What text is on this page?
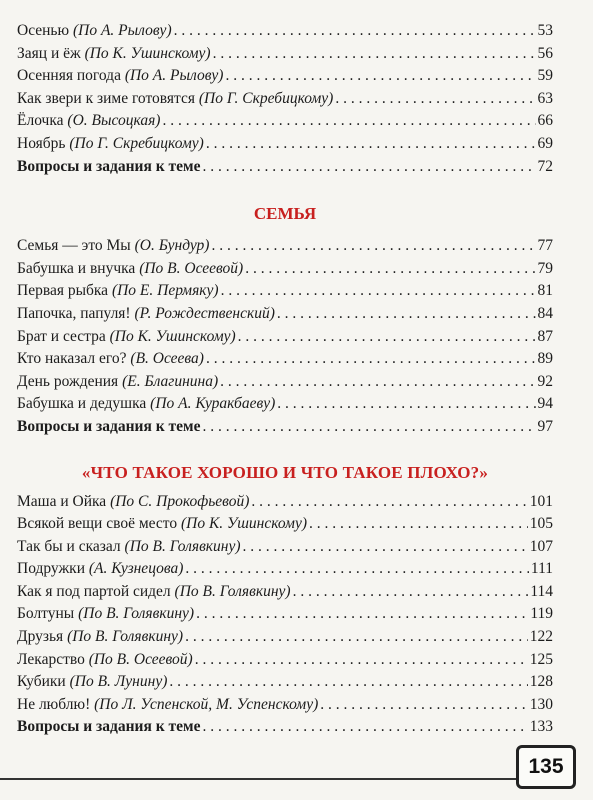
Осенью (По А. Рылову) . . .	53
Заяц и ёж (По К. Ушинскому) . . .	56
Осенняя погода (По А. Рылову) . . .	59
Как звери к зиме готовятся (По Г. Скребицкому) . . .	63
Ёлочка (О. Высоцкая) . . .	66
Ноябрь (По Г. Скребицкому) . . .	69
Вопросы и задания к теме . . .	72
СЕМЬЯ
Семья — это Мы (О. Бундур) . . .	77
Бабушка и внучка (По В. Осеевой) . . .	79
Первая рыбка (По Е. Пермяку) . . .	81
Папочка, папуля! (Р. Рождественский) . . .	84
Брат и сестра (По К. Ушинскому) . . .	87
Кто наказал его? (В. Осеева) . . .	89
День рождения (Е. Благинина) . . .	92
Бабушка и дедушка (По А. Куракбаеву) . . .	94
Вопросы и задания к теме . . .	97
«ЧТО ТАКОЕ ХОРОШО И ЧТО ТАКОЕ ПЛОХО?»
Маша и Ойка (По С. Прокофьевой) . . .	101
Всякой вещи своё место (По К. Ушинскому) . . .	105
Так бы и сказал (По В. Голявкину) . . .	107
Подружки (А. Кузнецова) . . .	111
Как я под партой сидел (По В. Голявкину) . . .	114
Болтуны (По В. Голявкину) . . .	119
Друзья (По В. Голявкину) . . .	122
Лекарство (По В. Осеевой) . . .	125
Кубики (По В. Лунину) . . .	128
Не люблю! (По Л. Успенской, М. Успенскому) . . .	130
Вопросы и задания к теме . . .	133
135
